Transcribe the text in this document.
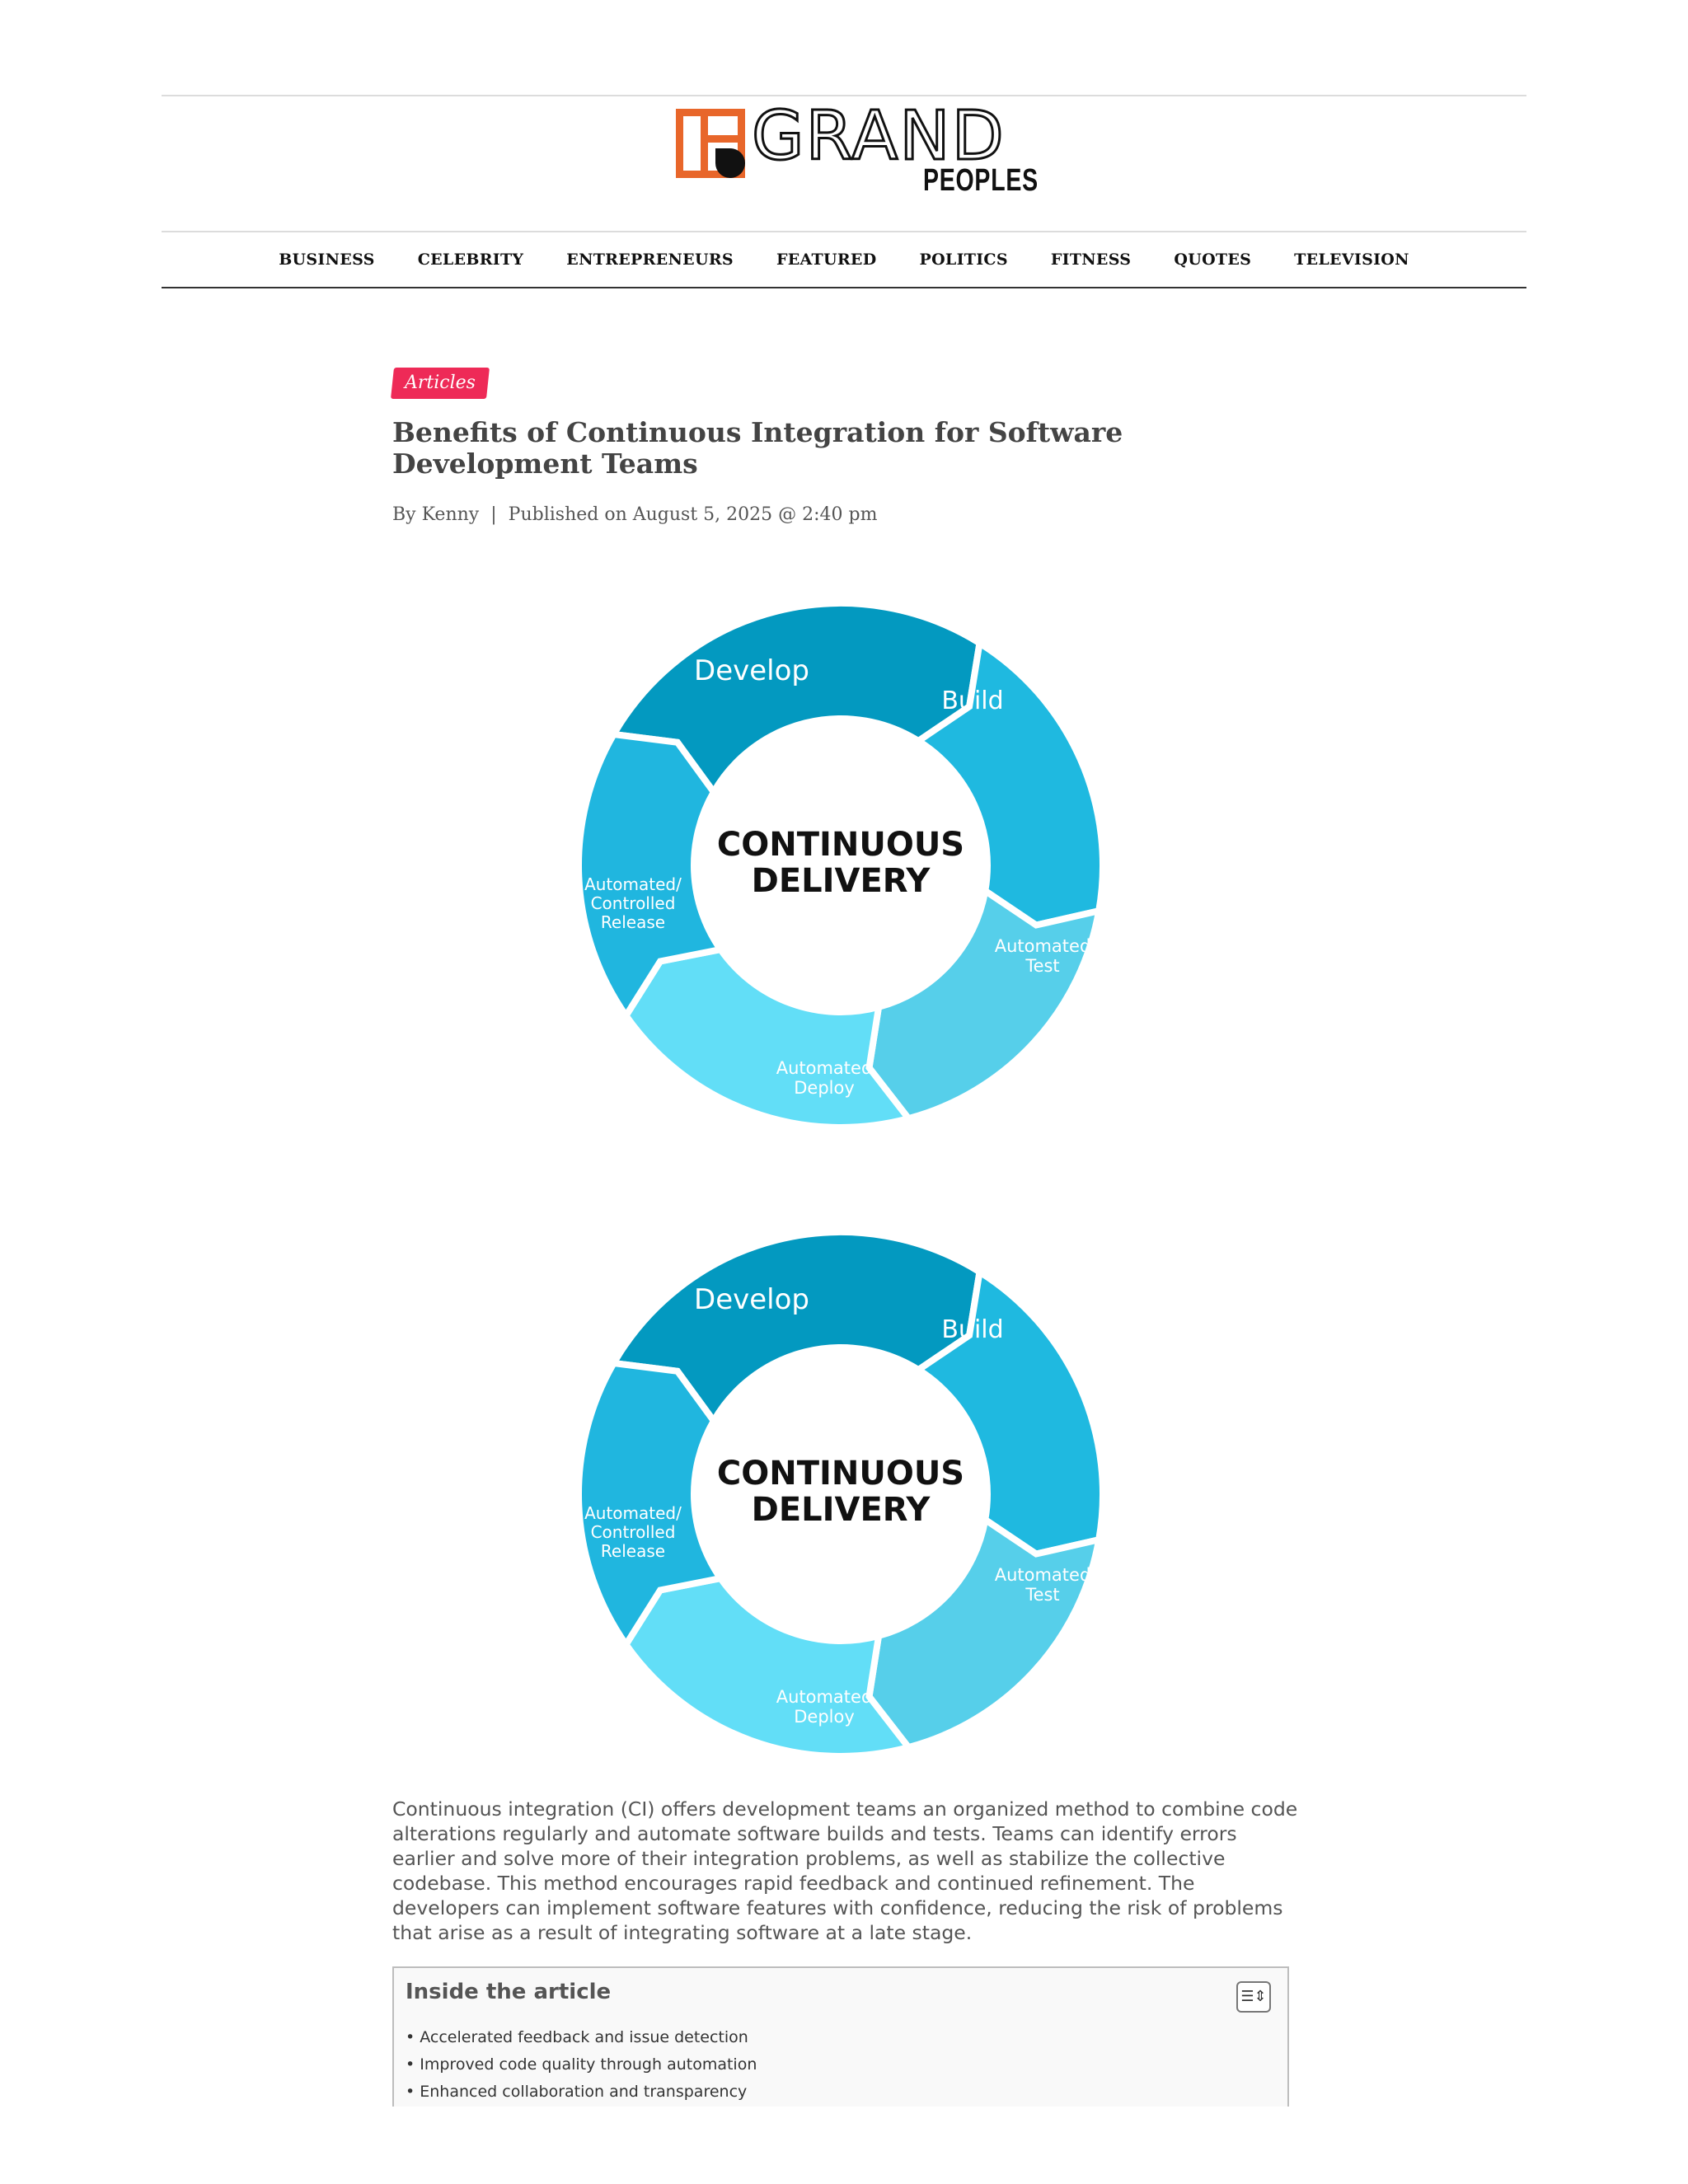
GRAND
PEOPLES
BUSINESS	CELEBRITY	ENTREPRENEURS	FEATURED	POLITICS	FITNESS	QUOTES	TELEVISION
Articles
Benefits of Continuous Integration for Software Development Teams
By Kenny | Published on August 5, 2025 @ 2:40 pm
CONTINUOUS
DELIVERY
Develop
Build
Automated Test
Automated Deploy
Automated/ Controlled Release
CONTINUOUS
DELIVERY
Develop
Build
Automated Test
Automated Deploy
Automated/ Controlled Release

Continuous integration (CI) offers development teams an organized method to combine code alterations regularly and automate software builds and tests. Teams can identify errors earlier and solve more of their integration problems, as well as stabilize the collective codebase. This method encourages rapid feedback and continued refinement. The developers can implement software features with confidence, reducing the risk of problems that arise as a result of integrating software at a late stage.

Inside the article	☰⇕
• Accelerated feedback and issue detection
• Improved code quality through automation
• Enhanced collaboration and transparency
